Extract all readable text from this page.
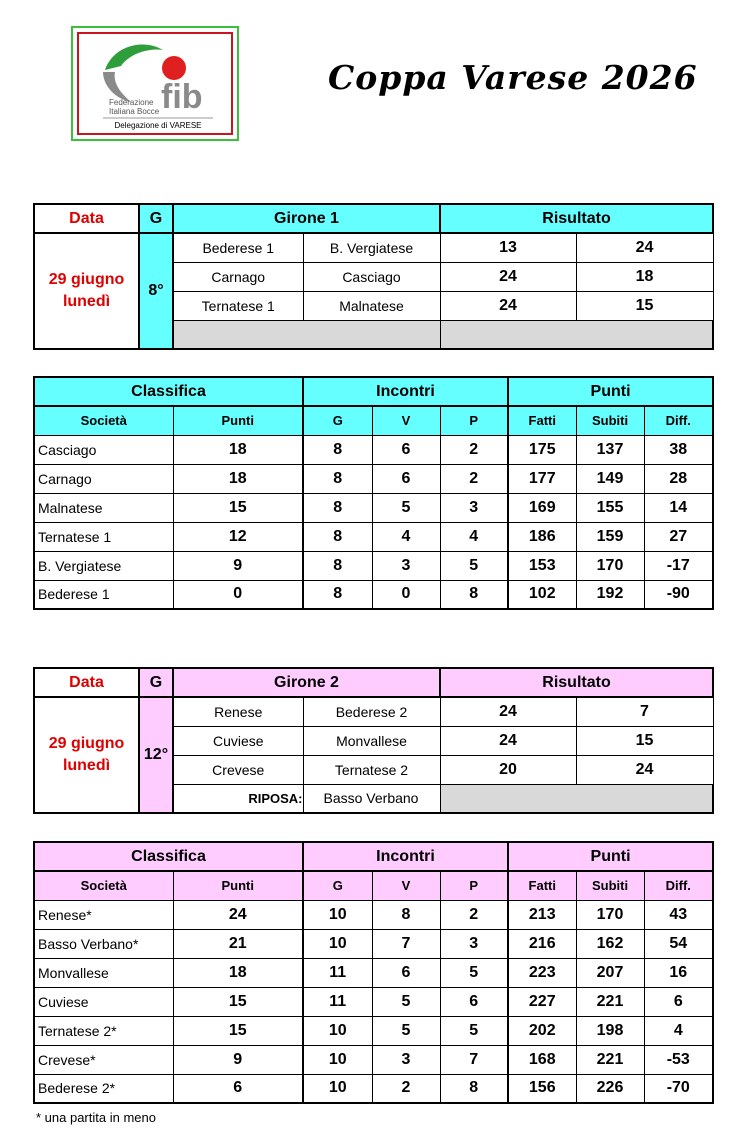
fib
Federazione
Italiana Bocce
Delegazione di VARESE
Coppa Varese 2026
Data	G	Girone 1		Risultato	

29 giugno
lunedì	8°	Bederese 1	B. Vergiatese	13	24
		Carnago	Casciago	24	18
		Ternatese 1	Malnatese	24	15

Classifica		Incontri			Punti		
Società	Punti	G	V	P	Fatti	Subiti	Diff.
Casciago	18	8	6	2	175	137	38
Carnago	18	8	6	2	177	149	28
Malnatese	15	8	5	3	169	155	14
Ternatese 1	12	8	4	4	186	159	27
B. Vergiatese	9	8	3	5	153	170	-17
Bederese 1	0	8	0	8	102	192	-90
Data	G	Girone 2		Risultato	

29 giugno
lunedì	12°	Renese	Bederese 2	24	7
		Cuviese	Monvallese	24	15
		Crevese	Ternatese 2	20	24
		RIPOSA:	Basso Verbano		
Classifica		Incontri			Punti		
Società	Punti	G	V	P	Fatti	Subiti	Diff.
Renese*	24	10	8	2	213	170	43
Basso Verbano*	21	10	7	3	216	162	54
Monvallese	18	11	6	5	223	207	16
Cuviese	15	11	5	6	227	221	6
Ternatese 2*	15	10	5	5	202	198	4
Crevese*	9	10	3	7	168	221	-53
Bederese 2*	6	10	2	8	156	226	-70
* una partita in meno
